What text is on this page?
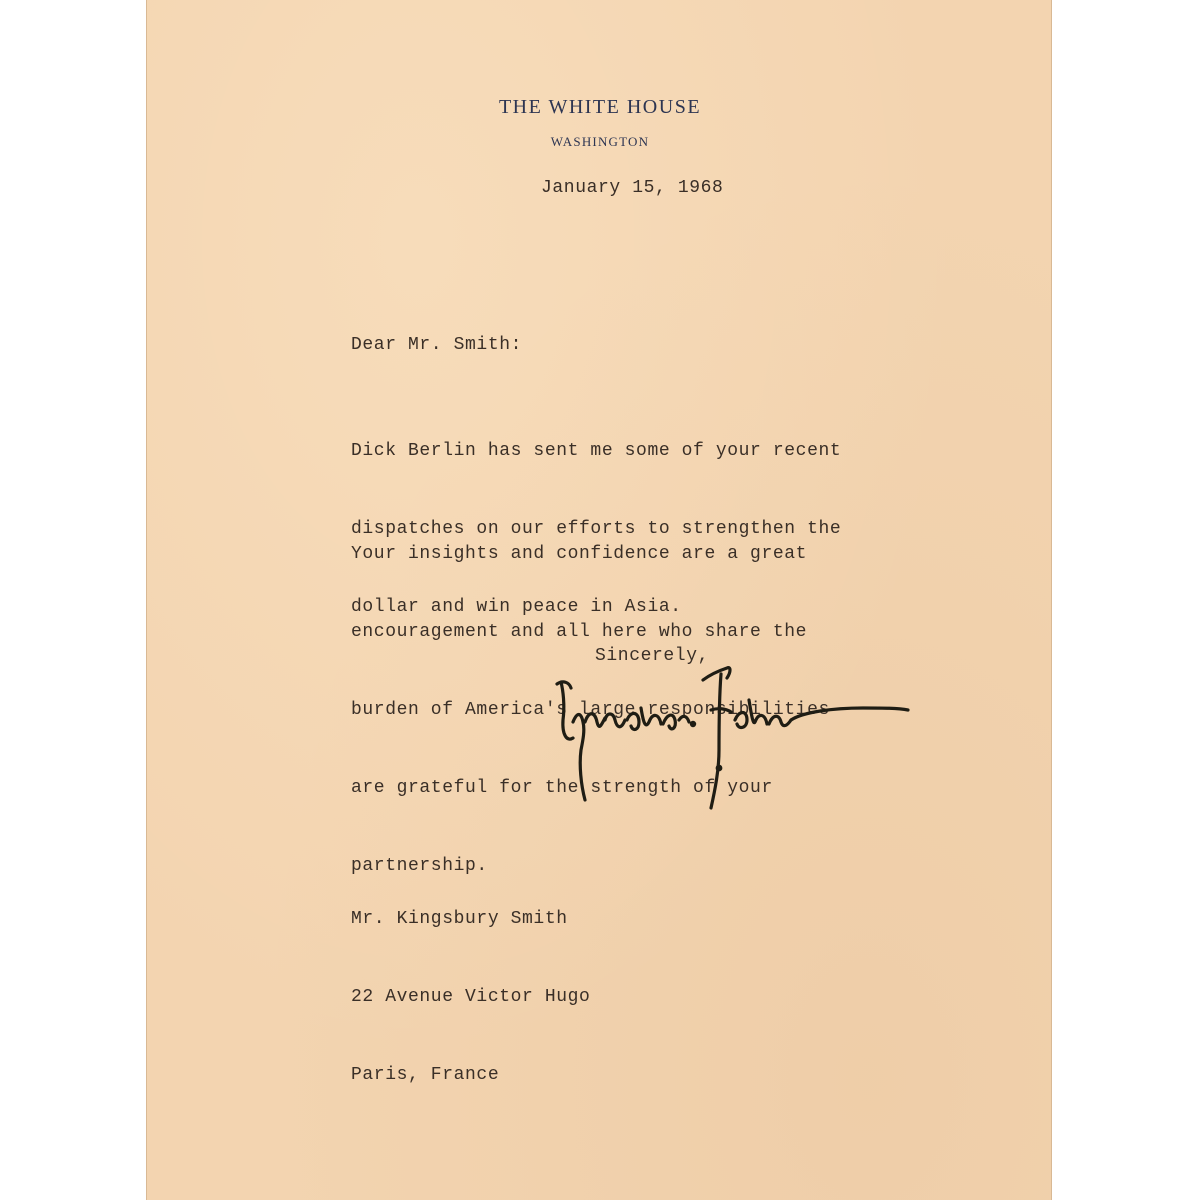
THE WHITE HOUSE
WASHINGTON
January 15, 1968
Dear Mr. Smith:

Dick Berlin has sent me some of your recent

dispatches on our efforts to strengthen the

dollar and win peace in Asia.

Your insights and confidence are a great

encouragement and all here who share the

burden of America's large responsibilities

are grateful for the strength of your

partnership.

Sincerely,

Mr. Kingsbury Smith

22 Avenue Victor Hugo

Paris, France
